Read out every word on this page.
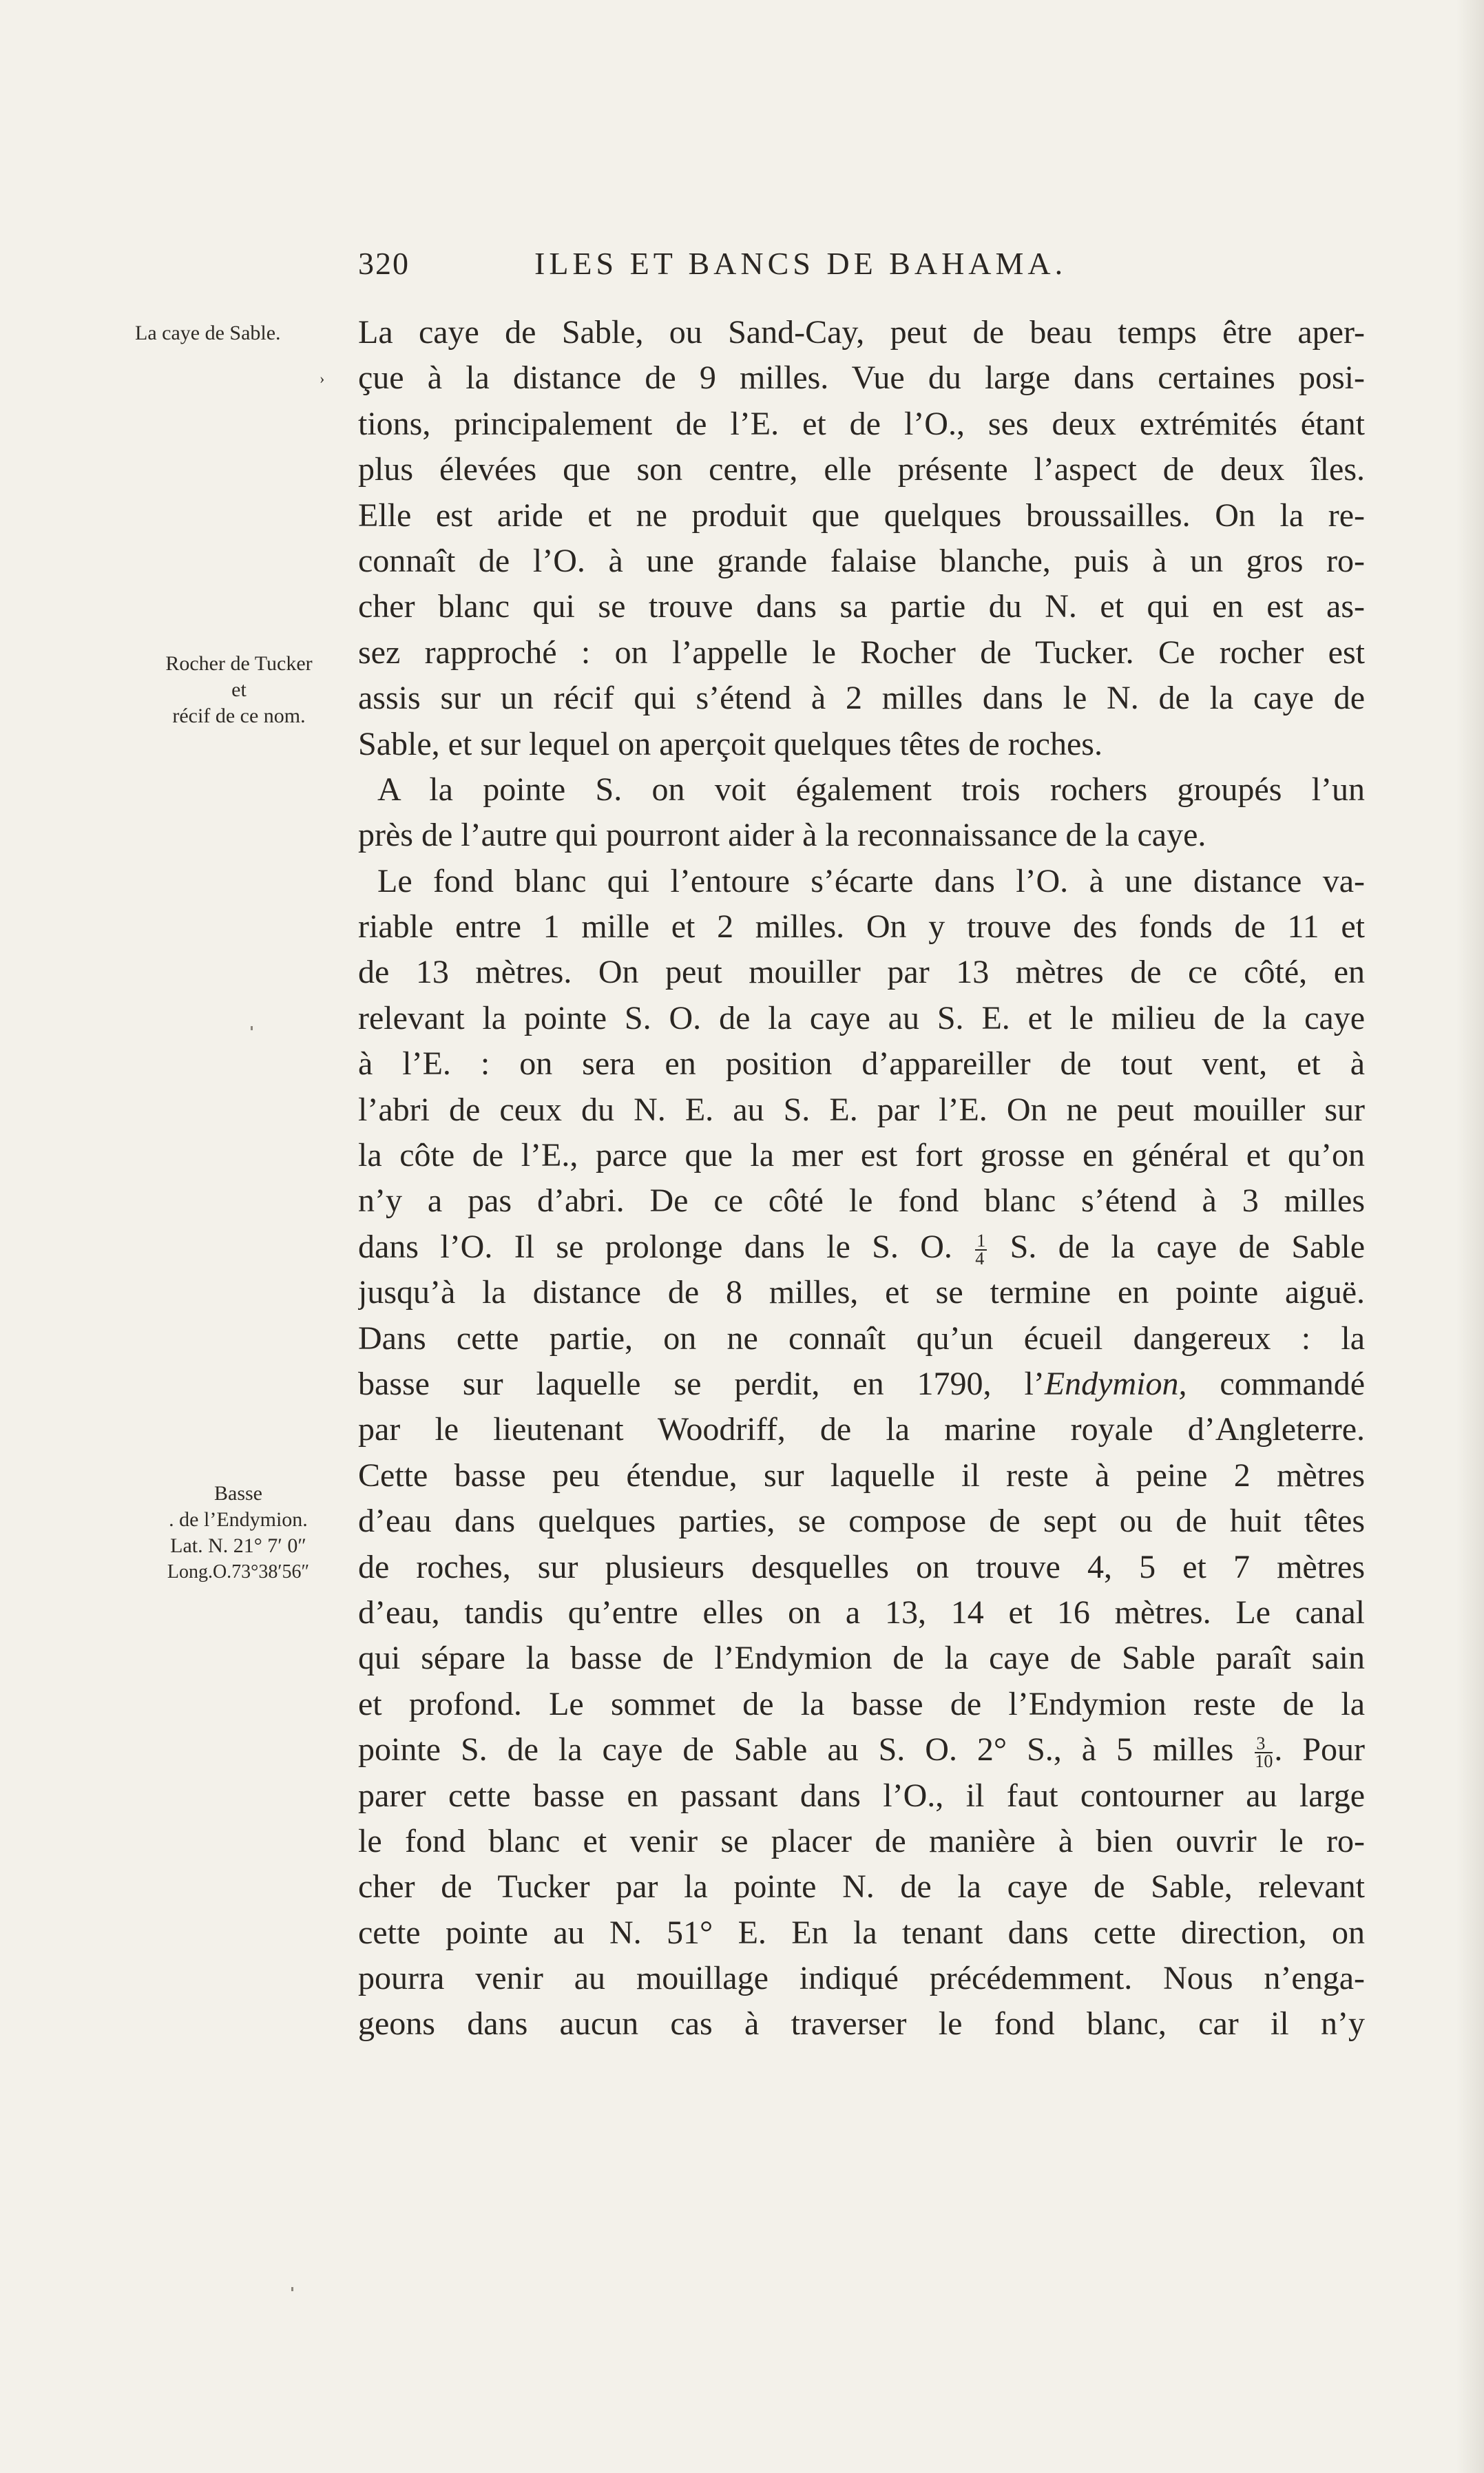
320	ILES ET BANCS DE BAHAMA.
La caye de Sable.
›
Rocher de Tucker
et
récif de ce nom.
Basse
. de l’Endymion.
Lat. N. 21° 7′ 0″
Long.O.73°38′56″
La caye de Sable, ou Sand-Cay, peut de beau temps être aper-
çue à la distance de 9 milles. Vue du large dans certaines posi-
tions, principalement de l’E. et de l’O., ses deux extrémités étant
plus élevées que son centre, elle présente l’aspect de deux îles.
Elle est aride et ne produit que quelques broussailles. On la re-
connaît de l’O. à une grande falaise blanche, puis à un gros ro-
cher blanc qui se trouve dans sa partie du N. et qui en est as-
sez rapproché : on l’appelle le Rocher de Tucker. Ce rocher est
assis sur un récif qui s’étend à 2 milles dans le N. de la caye de
Sable, et sur lequel on aperçoit quelques têtes de roches.
A la pointe S. on voit également trois rochers groupés l’un
près de l’autre qui pourront aider à la reconnaissance de la caye.
Le fond blanc qui l’entoure s’écarte dans l’O. à une distance va-
riable entre 1 mille et 2 milles. On y trouve des fonds de 11 et
de 13 mètres. On peut mouiller par 13 mètres de ce côté, en
relevant la pointe S. O. de la caye au S. E. et le milieu de la caye
à l’E. : on sera en position d’appareiller de tout vent, et à
l’abri de ceux du N. E. au S. E. par l’E. On ne peut mouiller sur
la côte de l’E., parce que la mer est fort grosse en général et qu’on
n’y a pas d’abri. De ce côté le fond blanc s’étend à 3 milles
dans l’O. Il se prolonge dans le S. O. $\frac{1}{4} S$. de la caye de Sable
jusqu’à la distance de 8 milles, et se termine en pointe aiguë.
Dans cette partie, on ne connaît qu’un écueil dangereux : la
basse sur laquelle se perdit, en 1790, l’Endymion, commandé
par le lieutenant Woodriff, de la marine royale d’Angleterre.
Cette basse peu étendue, sur laquelle il reste à peine 2 mètres
d’eau dans quelques parties, se compose de sept ou de huit têtes
de roches, sur plusieurs desquelles on trouve 4, 5 et 7 mètres
d’eau, tandis qu’entre elles on a 13, 14 et 16 mètres. Le canal
qui sépare la basse de l’Endymion de la caye de Sable paraît sain
et profond. Le sommet de la basse de l’Endymion reste de la
pointe S. de la caye de Sable au S. O. 2° S., à 5 milles $\frac{3}{10}$ . Pour
parer cette basse en passant dans l’O., il faut contourner au large
le fond blanc et venir se placer de manière à bien ouvrir le ro-
cher de Tucker par la pointe N. de la caye de Sable, relevant
cette pointe au N. 51° E. En la tenant dans cette direction, on
pourra venir au mouillage indiqué précédemment. Nous n’enga-
geons dans aucun cas à traverser le fond blanc, car il n’y
